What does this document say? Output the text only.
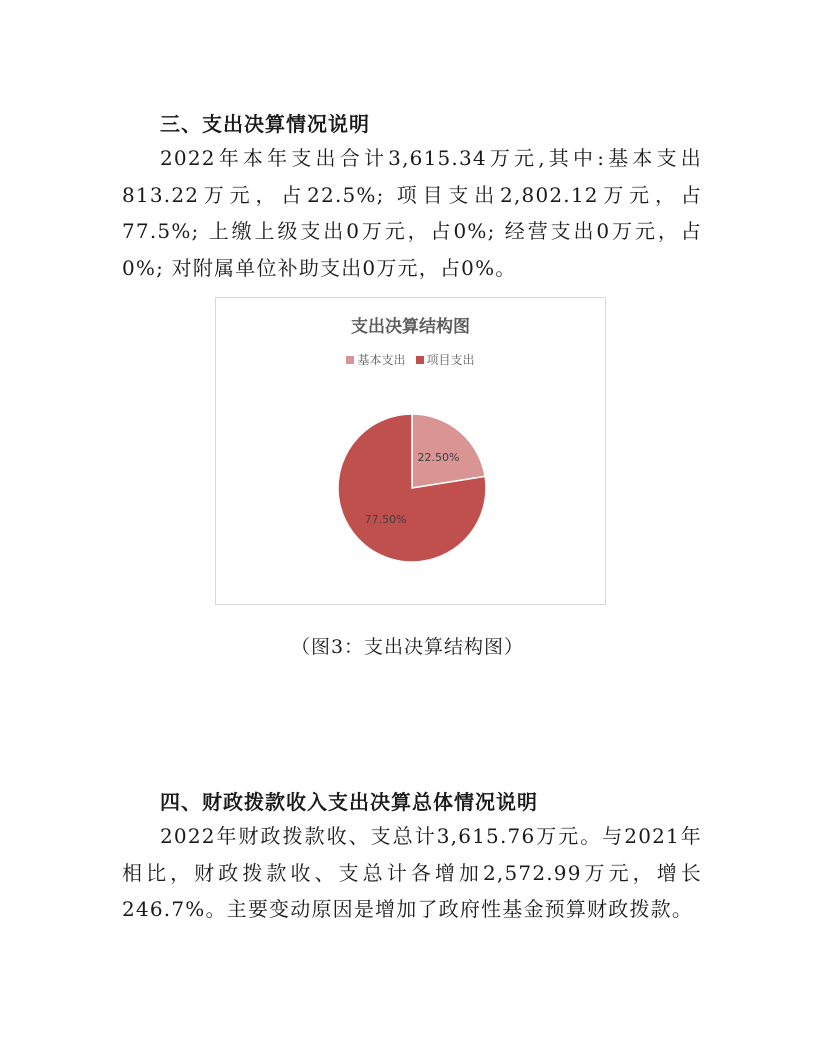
三、支出决算情况说明

2022年本年支出合计3,615.34万元,其中:基本支出813.22万元，占22.5%; 项目支出2,802.12万元，占77.5%; 上缴上级支出0万元，占0%; 经营支出0万元，占0%; 对附属单位补助支出0万元，占0%。

支出决算结构图
基本支出 项目支出
22.50%
77.50%
（图3：支出决算结构图）
四、财政拨款收入支出决算总体情况说明

2022年财政拨款收、支总计3,615.76万元。与2021年相比，财政拨款收、支总计各增加2,572.99万元，增长246.7%。主要变动原因是增加了政府性基金预算财政拨款。
